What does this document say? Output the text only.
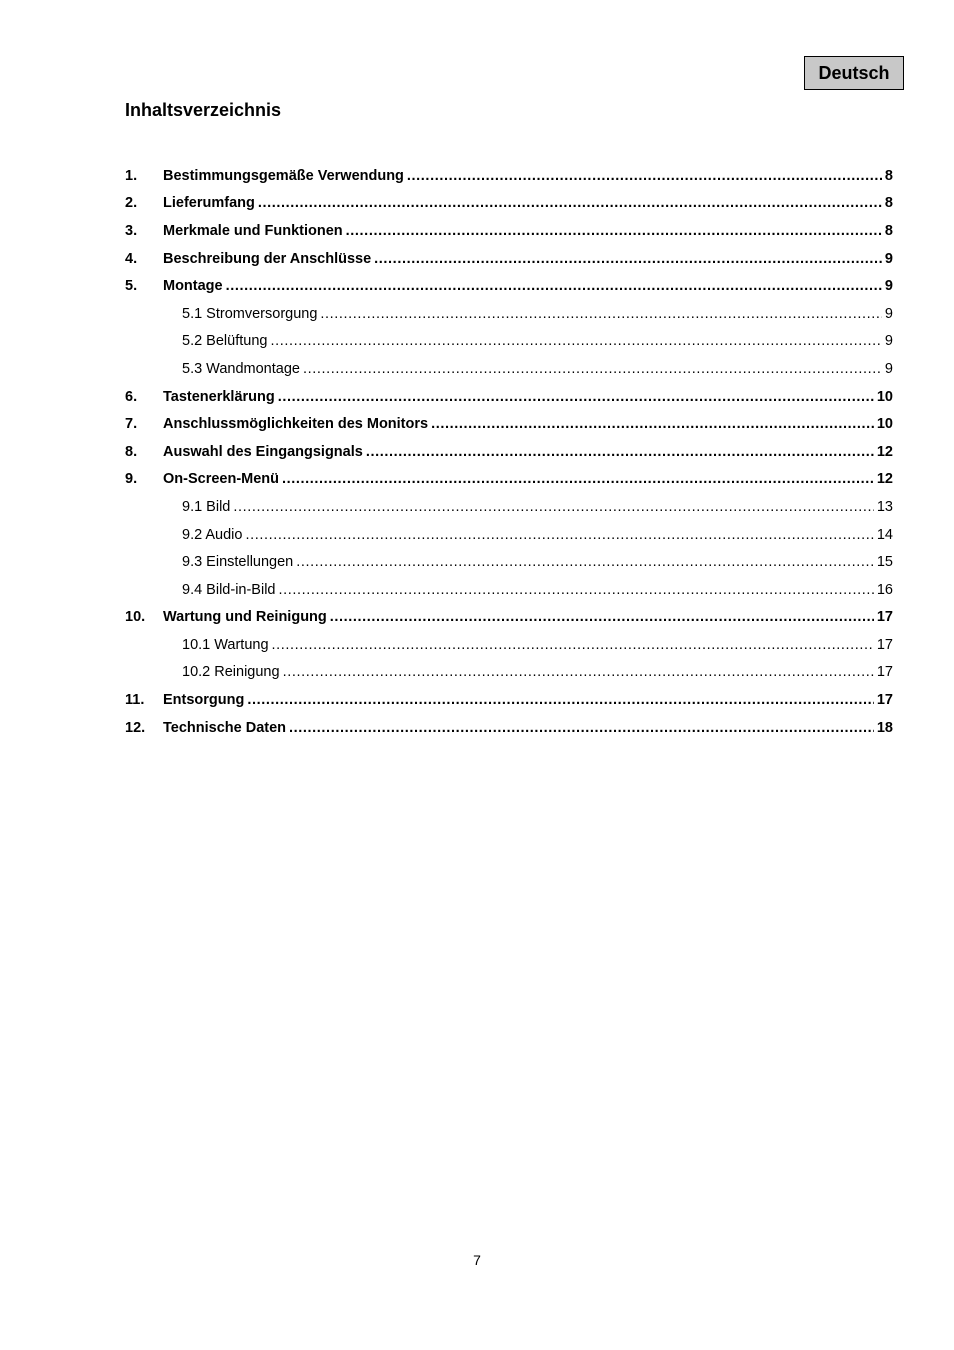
Deutsch
Inhaltsverzeichnis
1.	Bestimmungsgemäße Verwendung .....	8
2.	Lieferumfang .....	8
3.	Merkmale und Funktionen .....	8
4.	Beschreibung der Anschlüsse .....	9
5.	Montage .....	9
5.1 Stromversorgung .....	9
5.2 Belüftung .....	9
5.3 Wandmontage .....	9
6.	Tastenerklärung .....	10
7.	Anschlussmöglichkeiten des Monitors .....	10
8.	Auswahl des Eingangsignals .....	12
9.	On-Screen-Menü .....	12
9.1 Bild .....	13
9.2 Audio .....	14
9.3 Einstellungen .....	15
9.4 Bild-in-Bild .....	16
10.	Wartung und Reinigung .....	17
10.1 Wartung .....	17
10.2 Reinigung .....	17
11.	Entsorgung .....	17
12.	Technische Daten .....	18
7
